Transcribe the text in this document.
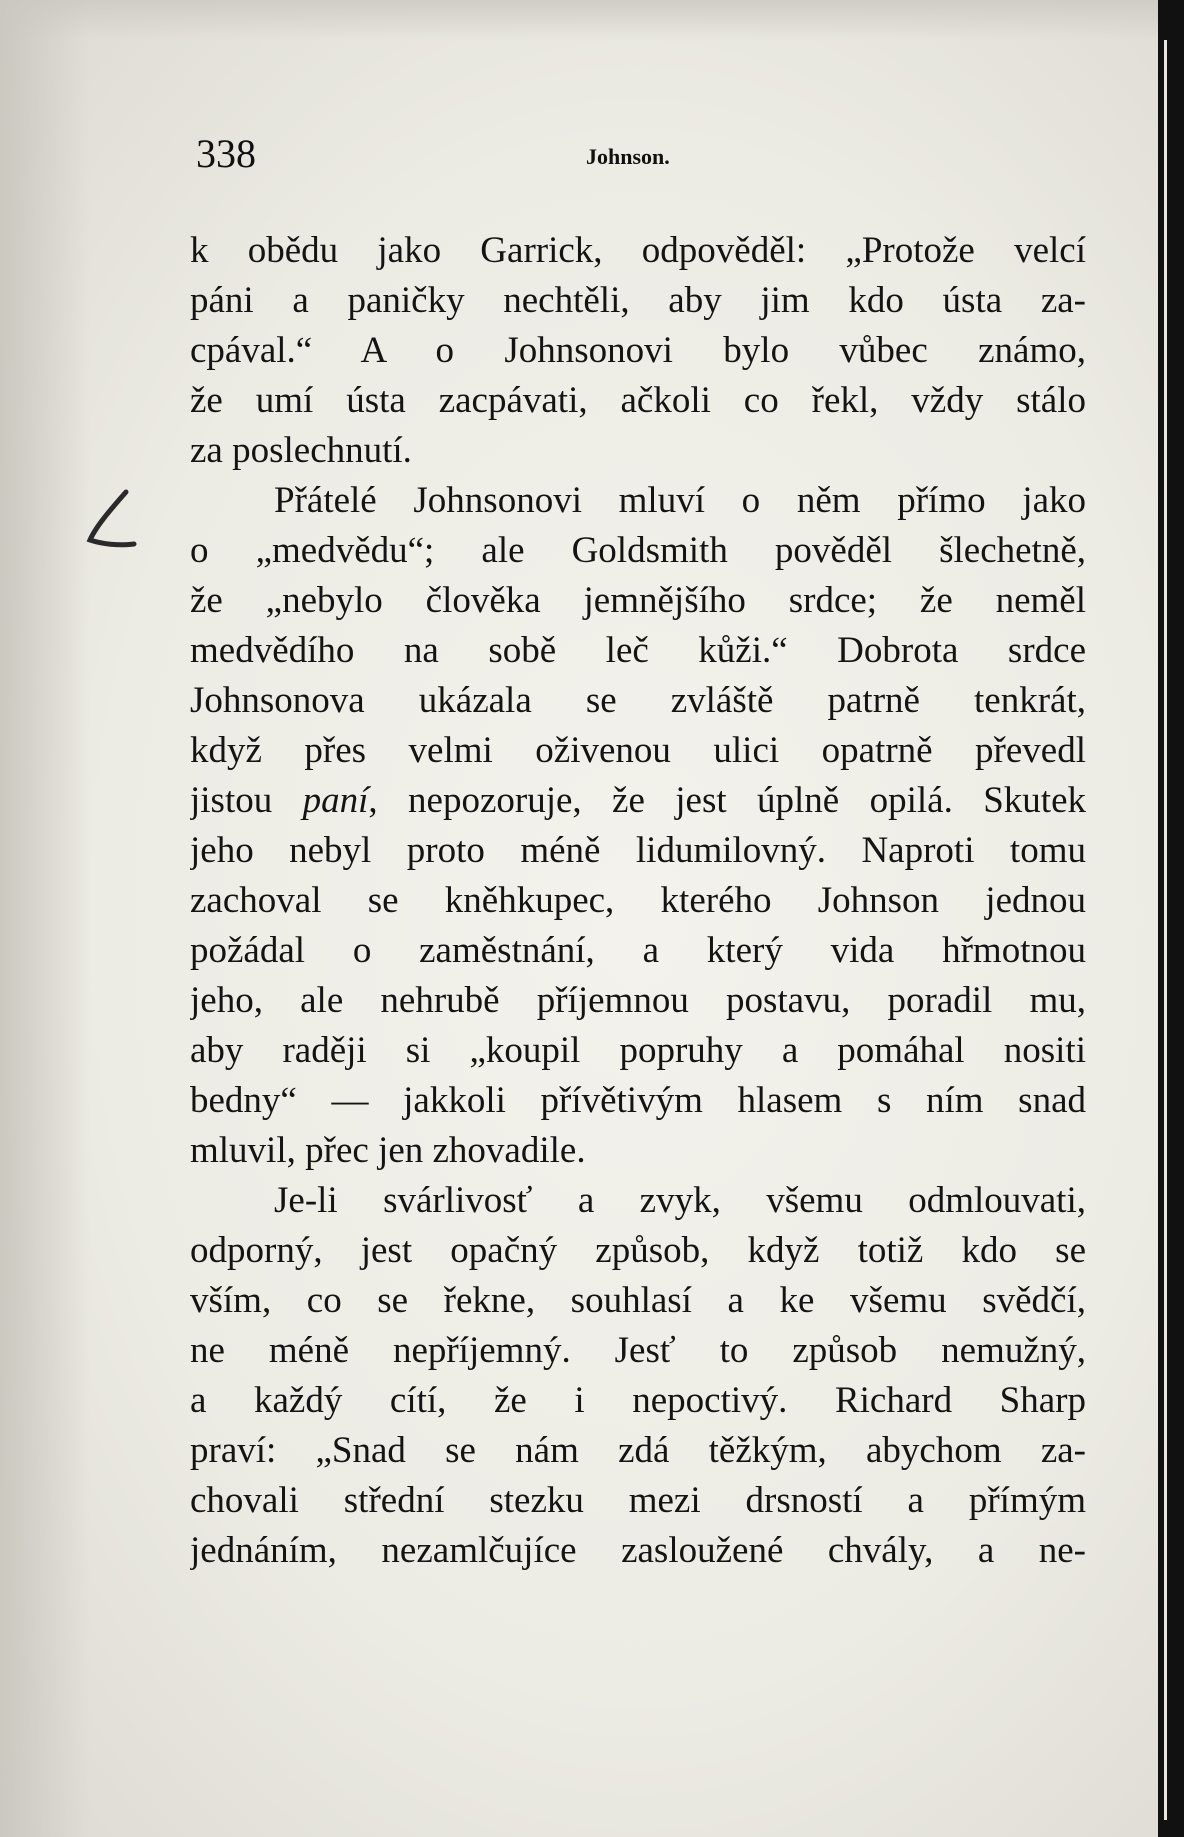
338	Johnson.
k obědu jako Garrick, odpověděl: „Protože velcí
páni a paničky nechtěli, aby jim kdo ústa za-
cpával.“ A o Johnsonovi bylo vůbec známo,
že umí ústa zacpávati, ačkoli co řekl, vždy stálo
za poslechnutí.
Přátelé Johnsonovi mluví o něm přímo jako
o „medvědu“; ale Goldsmith pověděl šlechetně,
že „nebylo člověka jemnějšího srdce; že neměl
medvědího na sobě leč kůži.“ Dobrota srdce
Johnsonova ukázala se zvláště patrně tenkrát,
když přes velmi oživenou ulici opatrně převedl
jistou paní, nepozoruje, že jest úplně opilá. Skutek
jeho nebyl proto méně lidumilovný. Naproti tomu
zachoval se kněhkupec, kterého Johnson jednou
požádal o zaměstnání, a který vida hřmotnou
jeho, ale nehrubě příjemnou postavu, poradil mu,
aby raději si „koupil popruhy a pomáhal nositi
bedny“ — jakkoli přívětivým hlasem s ním snad
mluvil, přec jen zhovadile.
Je-li svárlivosť a zvyk, všemu odmlouvati,
odporný, jest opačný způsob, když totiž kdo se
vším, co se řekne, souhlasí a ke všemu svědčí,
ne méně nepříjemný. Jesť to způsob nemužný,
a každý cítí, že i nepoctivý. Richard Sharp
praví: „Snad se nám zdá těžkým, abychom za-
chovali střední stezku mezi drsností a přímým
jednáním, nezamlčujíce zasloužené chvály, a ne-
